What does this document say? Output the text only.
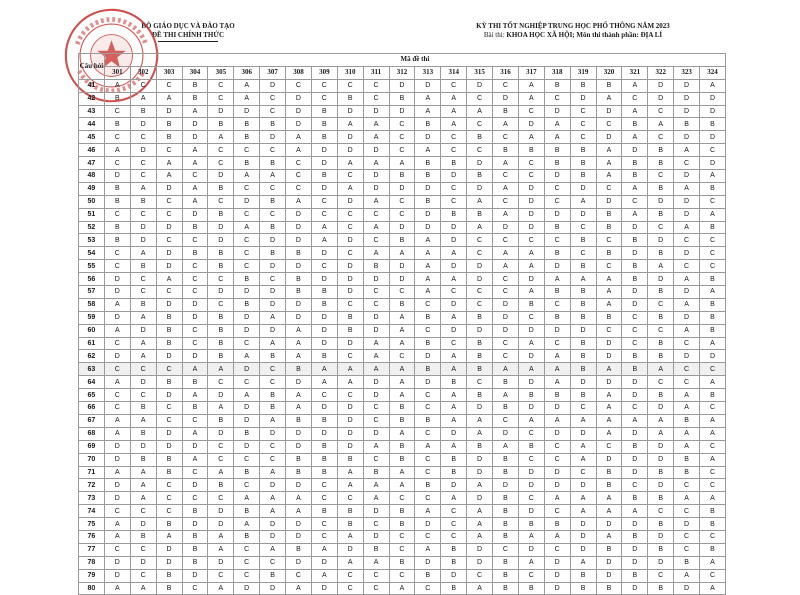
BỘ GIÁO DỤC VÀ ĐÀO TẠO
ĐỀ THI CHÍNH THỨC
KỲ THI TỐT NGHIỆP TRUNG HỌC PHỔ THÔNG NĂM 2023
Bài thi: KHOA HỌC XÃ HỘI; Môn thi thành phần: ĐỊA LÍ
Câu hỏi	Mã đề thi																							
	301	302	303	304	305	306	307	308	309	310	311	312	313	314	315	316	317	318	319	320	321	322	323	324
41	A	C	C	B	C	A	D	C	C	C	C	D	D	C	D	C	A	B	B	B	A	D	D	A
42	B	A	A	B	C	A	C	D	C	B	C	B	A	A	C	D	A	C	D	A	C	D	D	D
43	C	B	D	A	D	D	C	D	B	D	D	D	A	A	A	B	C	D	C	D	A	C	D	D
44	B	D	B	D	B	B	B	D	B	A	A	C	B	A	C	A	D	A	C	C	B	A	B	B
45	C	C	B	D	A	B	D	A	B	D	A	C	D	C	B	C	A	A	C	D	A	C	D	D
46	A	D	C	A	C	C	C	A	D	D	D	C	A	C	C	B	B	B	B	A	D	B	A	C
47	C	C	A	A	C	B	B	C	D	A	A	A	B	B	D	A	C	B	B	A	B	B	C	D
48	D	C	A	C	D	A	A	C	B	C	D	B	B	D	B	C	C	D	B	A	B	C	D	A
49	B	A	D	A	B	C	C	C	D	A	D	D	D	C	D	A	D	C	D	C	A	B	A	B
50	B	B	C	A	C	D	B	A	C	D	A	C	B	C	A	C	D	C	A	D	C	D	D	C
51	C	C	C	D	B	C	C	D	C	C	C	C	D	B	B	A	D	D	D	B	A	B	D	A
52	B	D	D	B	D	A	B	D	A	C	A	D	D	D	A	D	D	B	C	B	D	C	A	B
53	B	D	C	C	D	C	D	D	A	D	C	B	A	D	C	C	C	C	B	C	B	D	C	C
54	C	A	D	B	B	C	B	B	D	C	A	A	A	A	C	A	A	B	C	B	D	B	D	C
55	C	B	D	C	B	C	D	D	C	D	B	D	A	D	D	A	A	D	B	C	B	A	C	C
56	D	C	A	C	C	B	C	B	D	D	D	D	A	A	D	C	D	A	A	A	B	D	A	B
57	D	C	C	C	D	D	D	B	B	D	C	C	A	C	C	C	A	B	B	A	D	B	D	A
58	A	B	D	D	C	B	D	D	B	C	C	B	C	D	C	D	B	C	B	A	D	C	A	B
59	D	A	B	D	B	D	A	D	D	B	D	A	B	A	B	D	C	B	B	B	C	B	D	B
60	A	D	B	C	B	D	D	A	D	B	D	A	C	D	D	D	D	D	D	C	C	C	A	B
61	C	A	B	C	B	C	A	A	D	D	A	A	B	C	B	C	A	C	B	D	C	B	C	A
62	D	A	D	D	B	A	B	A	B	C	A	C	D	A	B	C	D	A	B	D	B	B	D	D
63	C	C	C	A	A	D	C	B	A	A	A	A	B	A	B	A	A	A	B	A	B	A	C	C
64	A	D	B	B	C	C	C	D	A	A	D	A	D	B	C	B	D	A	D	D	D	C	C	A
65	C	C	D	A	D	A	B	A	C	C	D	A	C	A	B	A	B	B	B	A	D	B	A	B
66	C	B	C	B	A	D	B	A	D	D	C	B	C	A	D	B	D	D	C	A	C	D	A	C
67	A	A	C	C	B	D	A	B	B	D	C	B	B	A	A	C	A	A	A	A	A	A	B	A
68	A	B	D	A	D	B	D	D	D	D	D	A	C	D	A	D	C	D	D	A	D	A	A	A
69	D	D	D	D	C	D	C	D	B	D	A	B	A	A	B	A	B	C	A	C	B	D	A	C
70	D	B	B	A	C	C	C	B	B	B	C	B	C	B	D	B	C	C	A	D	D	D	B	A
71	A	A	B	C	A	B	A	B	B	A	B	A	C	B	D	B	D	D	C	B	D	B	B	C
72	D	A	C	D	B	C	D	D	C	A	A	A	B	D	A	D	D	D	D	B	C	D	C	C
73	D	A	C	C	C	A	A	A	C	C	A	C	C	A	D	B	C	A	A	A	B	B	A	A
74	C	C	C	B	D	B	A	A	B	B	D	B	A	C	A	B	D	C	A	A	A	C	C	B
75	A	D	B	D	D	A	D	D	C	B	C	B	D	C	A	B	B	B	D	D	D	B	D	B
76	A	B	A	B	A	B	D	D	C	A	D	C	C	C	A	B	A	A	D	A	B	D	C	C
77	C	C	D	B	A	C	A	B	A	D	B	C	A	B	D	C	D	C	D	B	D	B	C	B
78	D	D	D	B	D	C	C	D	D	A	A	B	D	B	D	B	A	D	A	D	D	D	B	A
79	D	C	B	D	C	C	B	C	A	C	C	C	B	D	C	B	C	D	B	D	B	C	A	C
80	A	A	B	C	A	D	D	A	D	C	C	A	C	B	A	B	B	D	B	B	D	B	D	A
